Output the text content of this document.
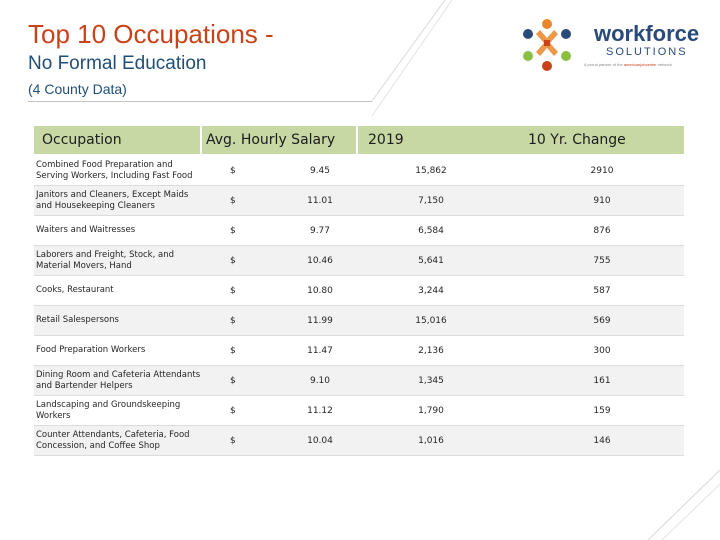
Top 10 Occupations -
No Formal Education
(4 County Data)
workforce
SOLUTIONS
A proud partner of the americanjobcenter network
Occupation	Avg. Hourly Salary 2019	10 Yr. Change
Combined Food Preparation and Serving Workers, Including Fast Food	$	9.45	15,862	2910
Janitors and Cleaners, Except Maids and Housekeeping Cleaners	$	11.01	7,150	910
Waiters and Waitresses	$	9.77	6,584	876
Laborers and Freight, Stock, and Material Movers, Hand	$	10.46	5,641	755
Cooks, Restaurant	$	10.80	3,244	587
Retail Salespersons	$	11.99	15,016	569
Food Preparation Workers	$	11.47	2,136	300
Dining Room and Cafeteria Attendants and Bartender Helpers	$	9.10	1,345	161
Landscaping and Groundskeeping Workers	$	11.12	1,790	159
Counter Attendants, Cafeteria, Food Concession, and Coffee Shop	$	10.04	1,016	146
